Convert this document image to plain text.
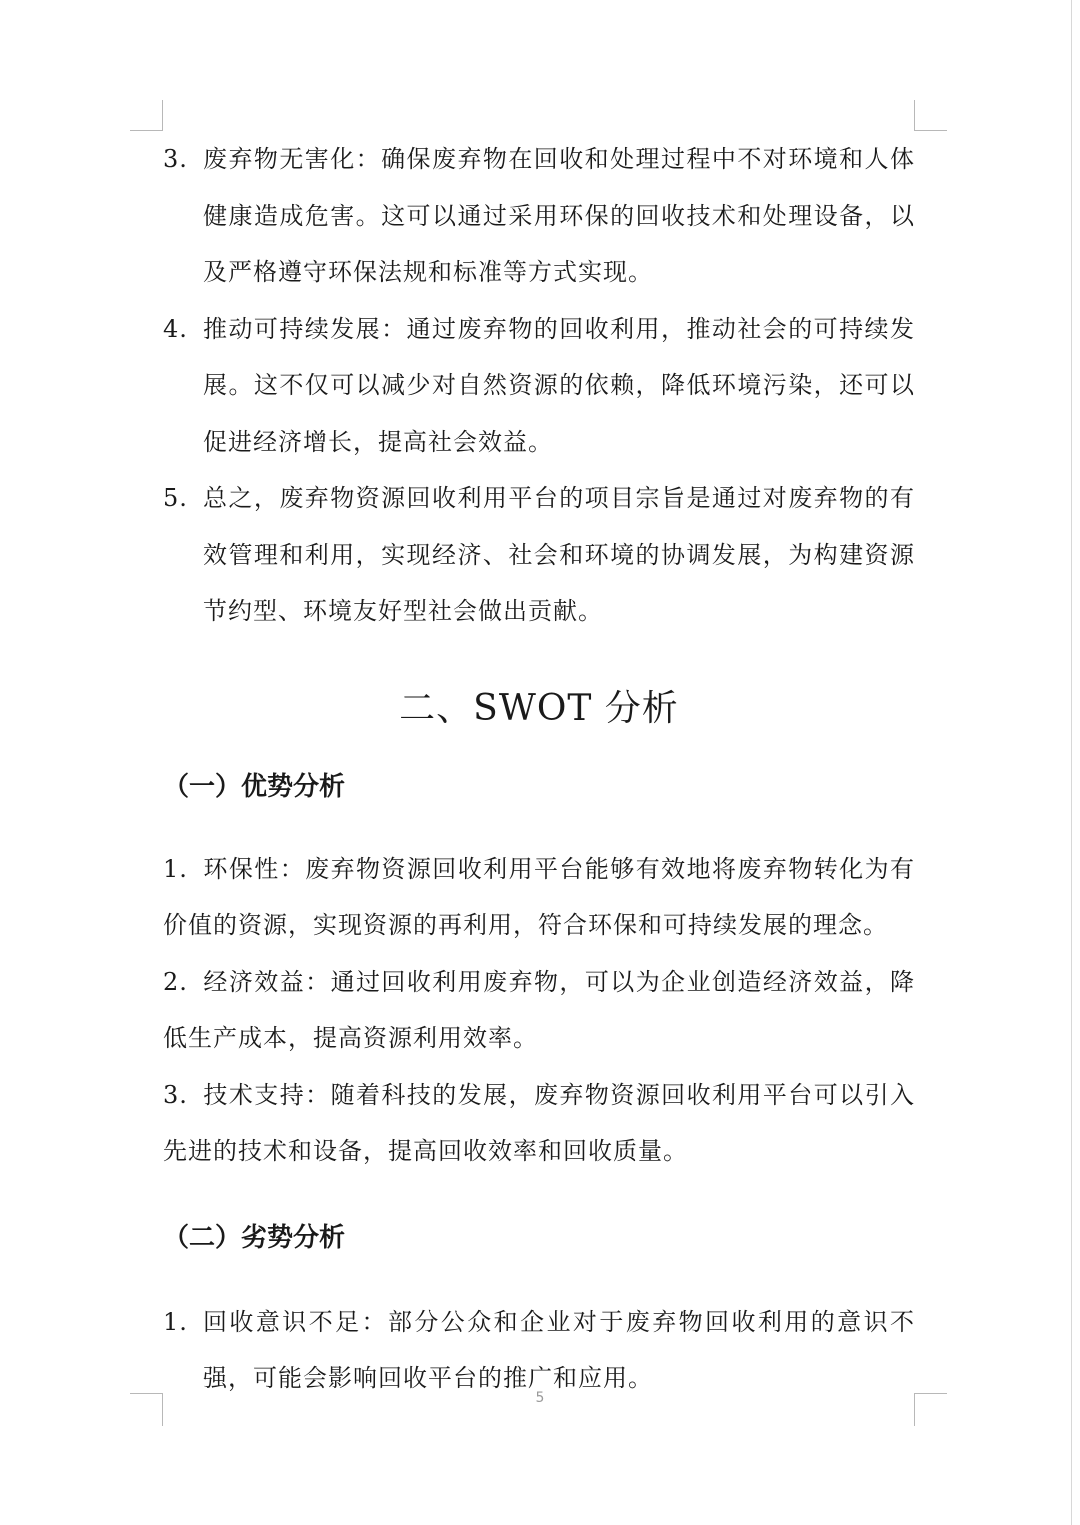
3. 废弃物无害化：确保废弃物在回收和处理过程中不对环境和人体健康造成危害。这可以通过采用环保的回收技术和处理设备，以及严格遵守环保法规和标准等方式实现。
4. 推动可持续发展：通过废弃物的回收利用，推动社会的可持续发展。这不仅可以减少对自然资源的依赖，降低环境污染，还可以促进经济增长，提高社会效益。
5. 总之，废弃物资源回收利用平台的项目宗旨是通过对废弃物的有效管理和利用，实现经济、社会和环境的协调发展，为构建资源节约型、环境友好型社会做出贡献。
二、SWOT 分析
（一）优势分析
1. 环保性：废弃物资源回收利用平台能够有效地将废弃物转化为有价值的资源，实现资源的再利用，符合环保和可持续发展的理念。
2. 经济效益：通过回收利用废弃物，可以为企业创造经济效益，降低生产成本，提高资源利用效率。
3. 技术支持：随着科技的发展，废弃物资源回收利用平台可以引入先进的技术和设备，提高回收效率和回收质量。
（二）劣势分析
1. 回收意识不足：部分公众和企业对于废弃物回收利用的意识不强，可能会影响回收平台的推广和应用。
5
